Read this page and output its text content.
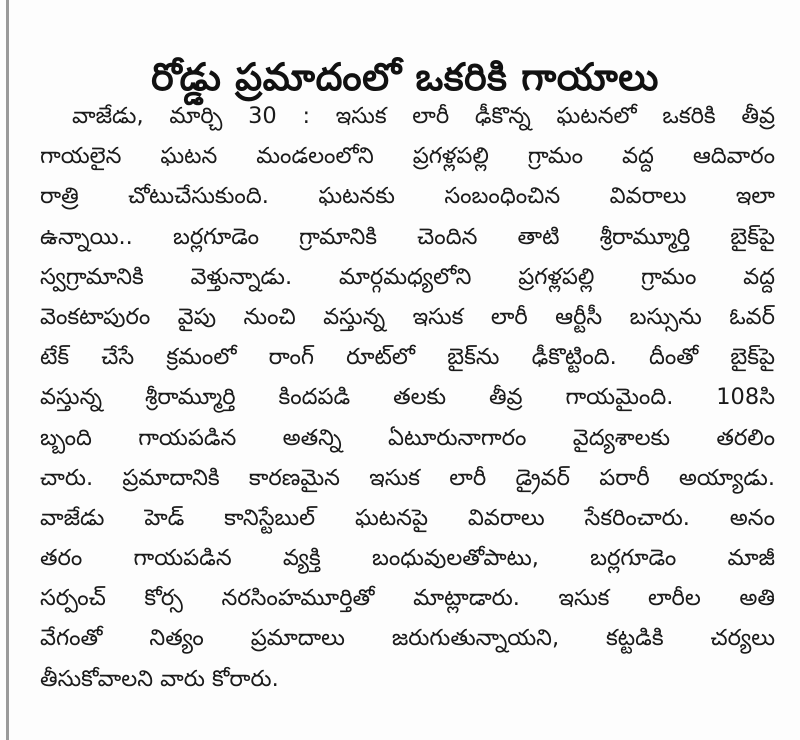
రోడ్డు ప్రమాదంలో ఒకరికి గాయాలు
వాజేడు, మార్చి 30 : ఇసుక లారీ ఢీకొన్న ఘటనలో ఒకరికి తీవ్ర
గాయలైన ఘటన మండలంలోని ప్రగళ్లపల్లి గ్రామం వద్ద ఆదివారం
రాత్రి చోటుచేసుకుంది. ఘటనకు సంబంధించిన వివరాలు ఇలా
ఉన్నాయి.. బర్లగూడెం గ్రామానికి చెందిన తాటి శ్రీరామ్మూర్తి బైక్‌పై
స్వగ్రామానికి వెళ్తున్నాడు. మార్గమధ్యలోని ప్రగళ్లపల్లి గ్రామం వద్ద
వెంకటాపురం వైపు నుంచి వస్తున్న ఇసుక లారీ ఆర్టీసీ బస్సును ఓవర్
టేక్ చేసే క్రమంలో రాంగ్ రూట్‌లో బైక్‌ను ఢీకొట్టింది. దీంతో బైక్‌పై
వస్తున్న శ్రీరామ్మూర్తి కిందపడి తలకు తీవ్ర గాయమైంది. 108సి
బ్బంది గాయపడిన అతన్ని ఏటూరునాగారం వైద్యశాలకు తరలిం
చారు. ప్రమాదానికి కారణమైన ఇసుక లారీ డ్రైవర్ పరారీ అయ్యాడు.
వాజేడు హెడ్ కానిస్టేబుల్ ఘటనపై వివరాలు సేకరించారు. అనం
తరం గాయపడిన వ్యక్తి బంధువులతోపాటు, బర్లగూడెం మాజీ
సర్పంచ్ కోర్స నరసింహమూర్తితో మాట్లాడారు. ఇసుక లారీల అతి
వేగంతో నిత్యం ప్రమాదాలు జరుగుతున్నాయని, కట్టడికి చర్యలు
తీసుకోవాలని వారు కోరారు.
